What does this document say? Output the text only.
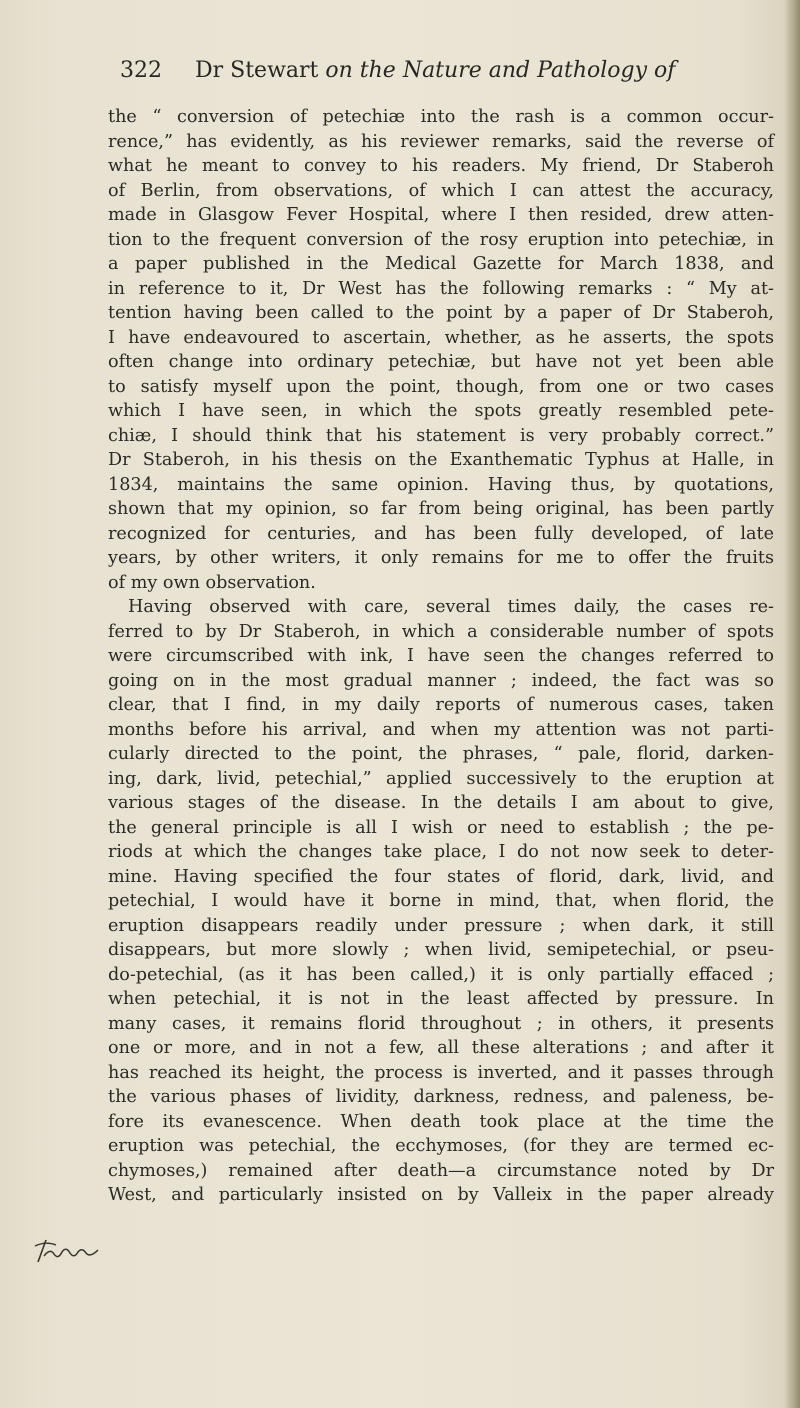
322 Dr Stewart on the Nature and Pathology of
the “ conversion of petechiæ into the rash is a common occur-
rence,” has evidently, as his reviewer remarks, said the reverse of
what he meant to convey to his readers. My friend, Dr Staberoh
of Berlin, from observations, of which I can attest the accuracy,
made in Glasgow Fever Hospital, where I then resided, drew atten-
tion to the frequent conversion of the rosy eruption into petechiæ, in
a paper published in the Medical Gazette for March 1838, and
in reference to it, Dr West has the following remarks : “ My at-
tention having been called to the point by a paper of Dr Staberoh,
I have endeavoured to ascertain, whether, as he asserts, the spots
often change into ordinary petechiæ, but have not yet been able
to satisfy myself upon the point, though, from one or two cases
which I have seen, in which the spots greatly resembled pete-
chiæ, I should think that his statement is very probably correct.”
Dr Staberoh, in his thesis on the Exanthematic Typhus at Halle, in
1834, maintains the same opinion. Having thus, by quotations,
shown that my opinion, so far from being original, has been partly
recognized for centuries, and has been fully developed, of late
years, by other writers, it only remains for me to offer the fruits
of my own observation.
Having observed with care, several times daily, the cases re-
ferred to by Dr Staberoh, in which a considerable number of spots
were circumscribed with ink, I have seen the changes referred to
going on in the most gradual manner ; indeed, the fact was so
clear, that I find, in my daily reports of numerous cases, taken
months before his arrival, and when my attention was not parti-
cularly directed to the point, the phrases, “ pale, florid, darken-
ing, dark, livid, petechial,” applied successively to the eruption at
various stages of the disease. In the details I am about to give,
the general principle is all I wish or need to establish ; the pe-
riods at which the changes take place, I do not now seek to deter-
mine. Having specified the four states of florid, dark, livid, and
petechial, I would have it borne in mind, that, when florid, the
eruption disappears readily under pressure ; when dark, it still
disappears, but more slowly ; when livid, semipetechial, or pseu-
do-petechial, (as it has been called,) it is only partially effaced ;
when petechial, it is not in the least affected by pressure. In
many cases, it remains florid throughout ; in others, it presents
one or more, and in not a few, all these alterations ; and after it
has reached its height, the process is inverted, and it passes through
the various phases of lividity, darkness, redness, and paleness, be-
fore its evanescence. When death took place at the time the
eruption was petechial, the ecchymoses, (for they are termed ec-
chymoses,) remained after death—a circumstance noted by Dr
West, and particularly insisted on by Valleix in the paper already
